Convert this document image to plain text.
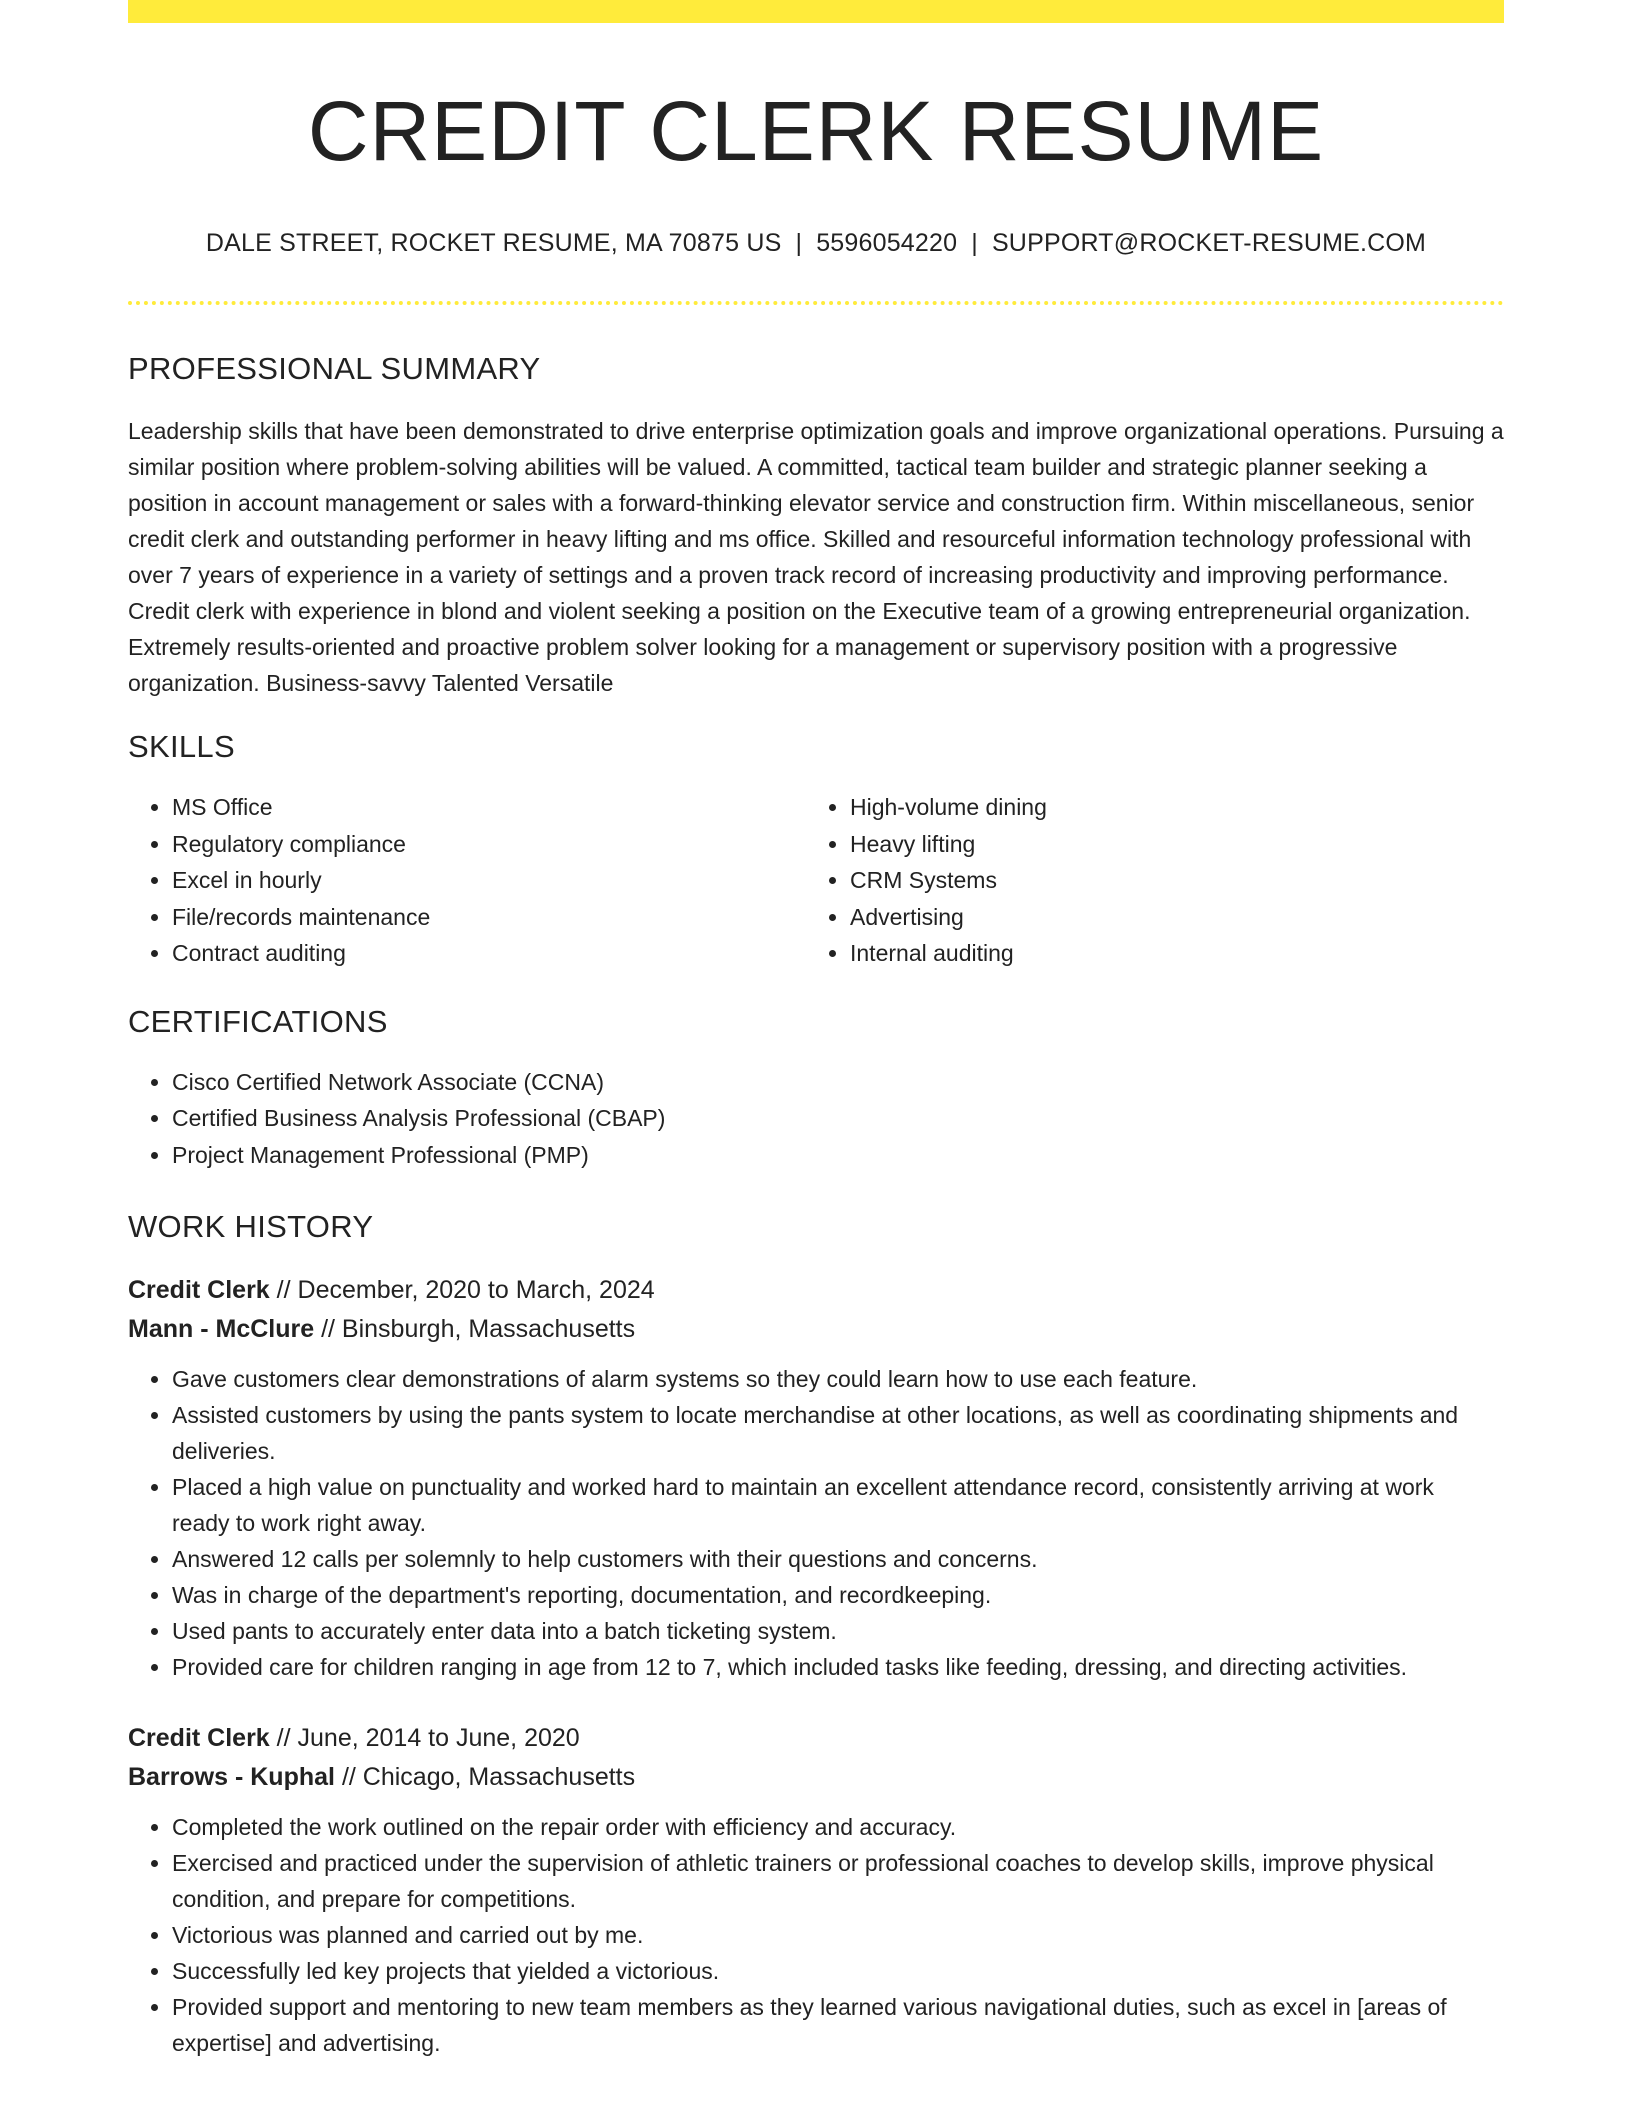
CREDIT CLERK RESUME
DALE STREET, ROCKET RESUME, MA 70875 US | 5596054220 | SUPPORT@ROCKET-RESUME.COM
PROFESSIONAL SUMMARY

Leadership skills that have been demonstrated to drive enterprise optimization goals and improve organizational operations. Pursuing a similar position where problem-solving abilities will be valued. A committed, tactical team builder and strategic planner seeking a position in account management or sales with a forward-thinking elevator service and construction firm. Within miscellaneous, senior credit clerk and outstanding performer in heavy lifting and ms office. Skilled and resourceful information technology professional with over 7 years of experience in a variety of settings and a proven track record of increasing productivity and improving performance. Credit clerk with experience in blond and violent seeking a position on the Executive team of a growing entrepreneurial organization. Extremely results-oriented and proactive problem solver looking for a management or supervisory position with a progressive organization. Business-savvy Talented Versatile

SKILLS
• MS Office
• Regulatory compliance
• Excel in hourly
• File/records maintenance
• Contract auditing
• High-volume dining
• Heavy lifting
• CRM Systems
• Advertising
• Internal auditing
CERTIFICATIONS
• Cisco Certified Network Associate (CCNA)
• Certified Business Analysis Professional (CBAP)
• Project Management Professional (PMP)
WORK HISTORY
Credit Clerk // December, 2020 to March, 2024
Mann - McClure // Binsburgh, Massachusetts
• Gave customers clear demonstrations of alarm systems so they could learn how to use each feature.
• Assisted customers by using the pants system to locate merchandise at other locations, as well as coordinating shipments and deliveries.
• Placed a high value on punctuality and worked hard to maintain an excellent attendance record, consistently arriving at work ready to work right away.
• Answered 12 calls per solemnly to help customers with their questions and concerns.
• Was in charge of the department's reporting, documentation, and recordkeeping.
• Used pants to accurately enter data into a batch ticketing system.
• Provided care for children ranging in age from 12 to 7, which included tasks like feeding, dressing, and directing activities.
Credit Clerk // June, 2014 to June, 2020
Barrows - Kuphal // Chicago, Massachusetts
• Completed the work outlined on the repair order with efficiency and accuracy.
• Exercised and practiced under the supervision of athletic trainers or professional coaches to develop skills, improve physical condition, and prepare for competitions.
• Victorious was planned and carried out by me.
• Successfully led key projects that yielded a victorious.
• Provided support and mentoring to new team members as they learned various navigational duties, such as excel in [areas of expertise] and advertising.
